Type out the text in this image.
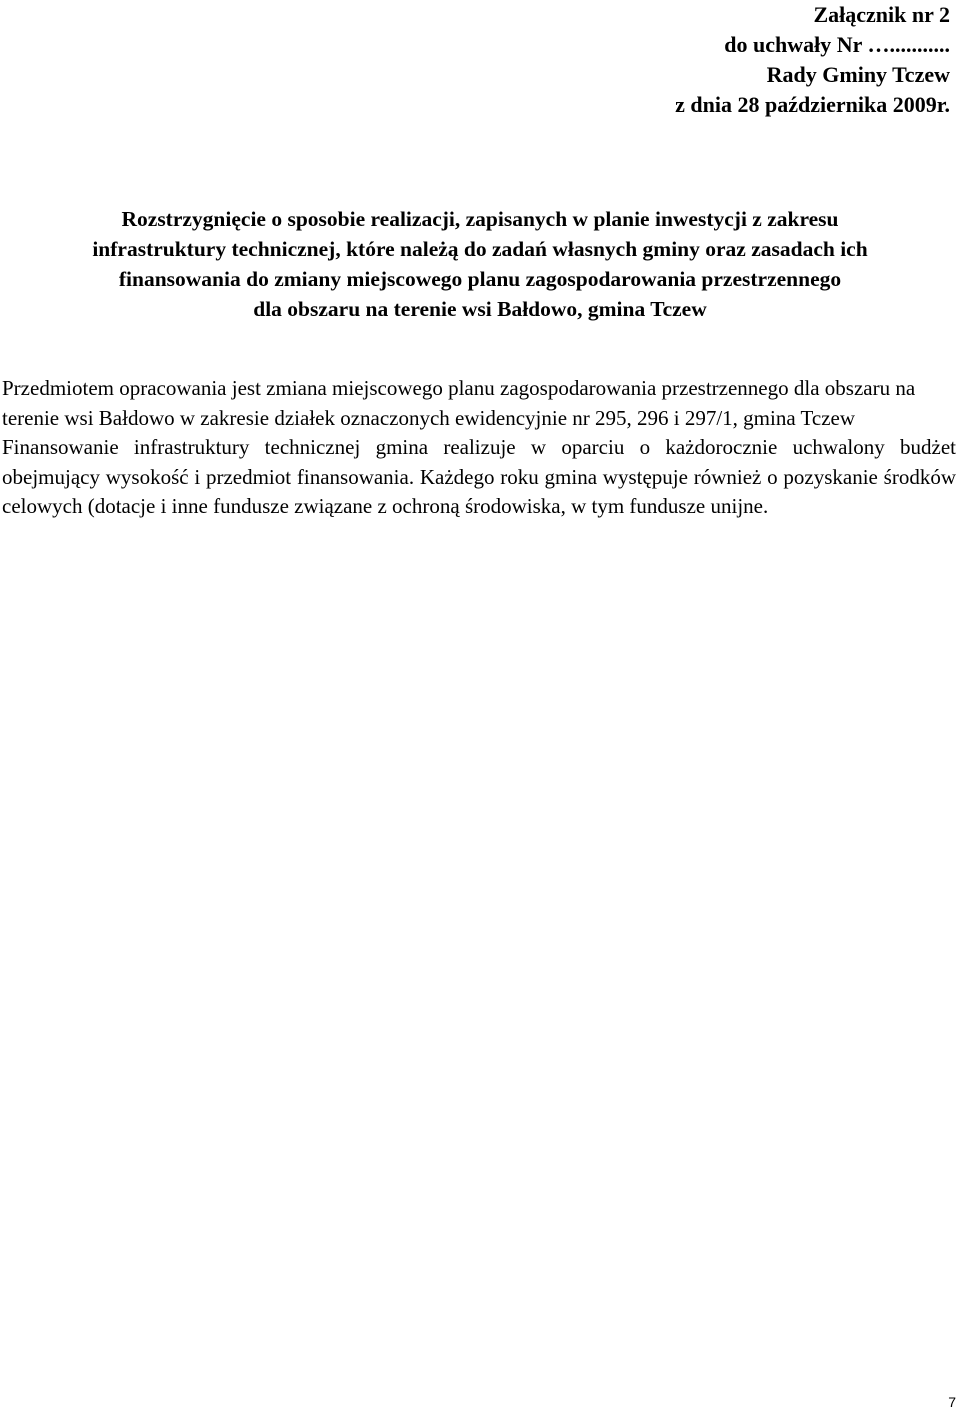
Załącznik nr 2
do uchwały Nr …...........
Rady Gminy Tczew
z dnia 28 października 2009r.
Rozstrzygnięcie o sposobie realizacji, zapisanych w planie inwestycji z zakresu
infrastruktury technicznej, które należą do zadań własnych gminy oraz zasadach ich
finansowania do zmiany miejscowego planu zagospodarowania przestrzennego
dla obszaru na terenie wsi Bałdowo, gmina Tczew

Przedmiotem opracowania jest zmiana miejscowego planu zagospodarowania przestrzennego dla obszaru na terenie wsi Bałdowo w zakresie działek oznaczonych ewidencyjnie nr 295, 296 i 297/1, gmina Tczew

Finansowanie infrastruktury technicznej gmina realizuje w oparciu o każdorocznie uchwalony budżet obejmujący wysokość i przedmiot finansowania. Każdego roku gmina występuje również o pozyskanie środków celowych (dotacje i inne fundusze związane z ochroną środowiska, w tym fundusze unijne.

7
